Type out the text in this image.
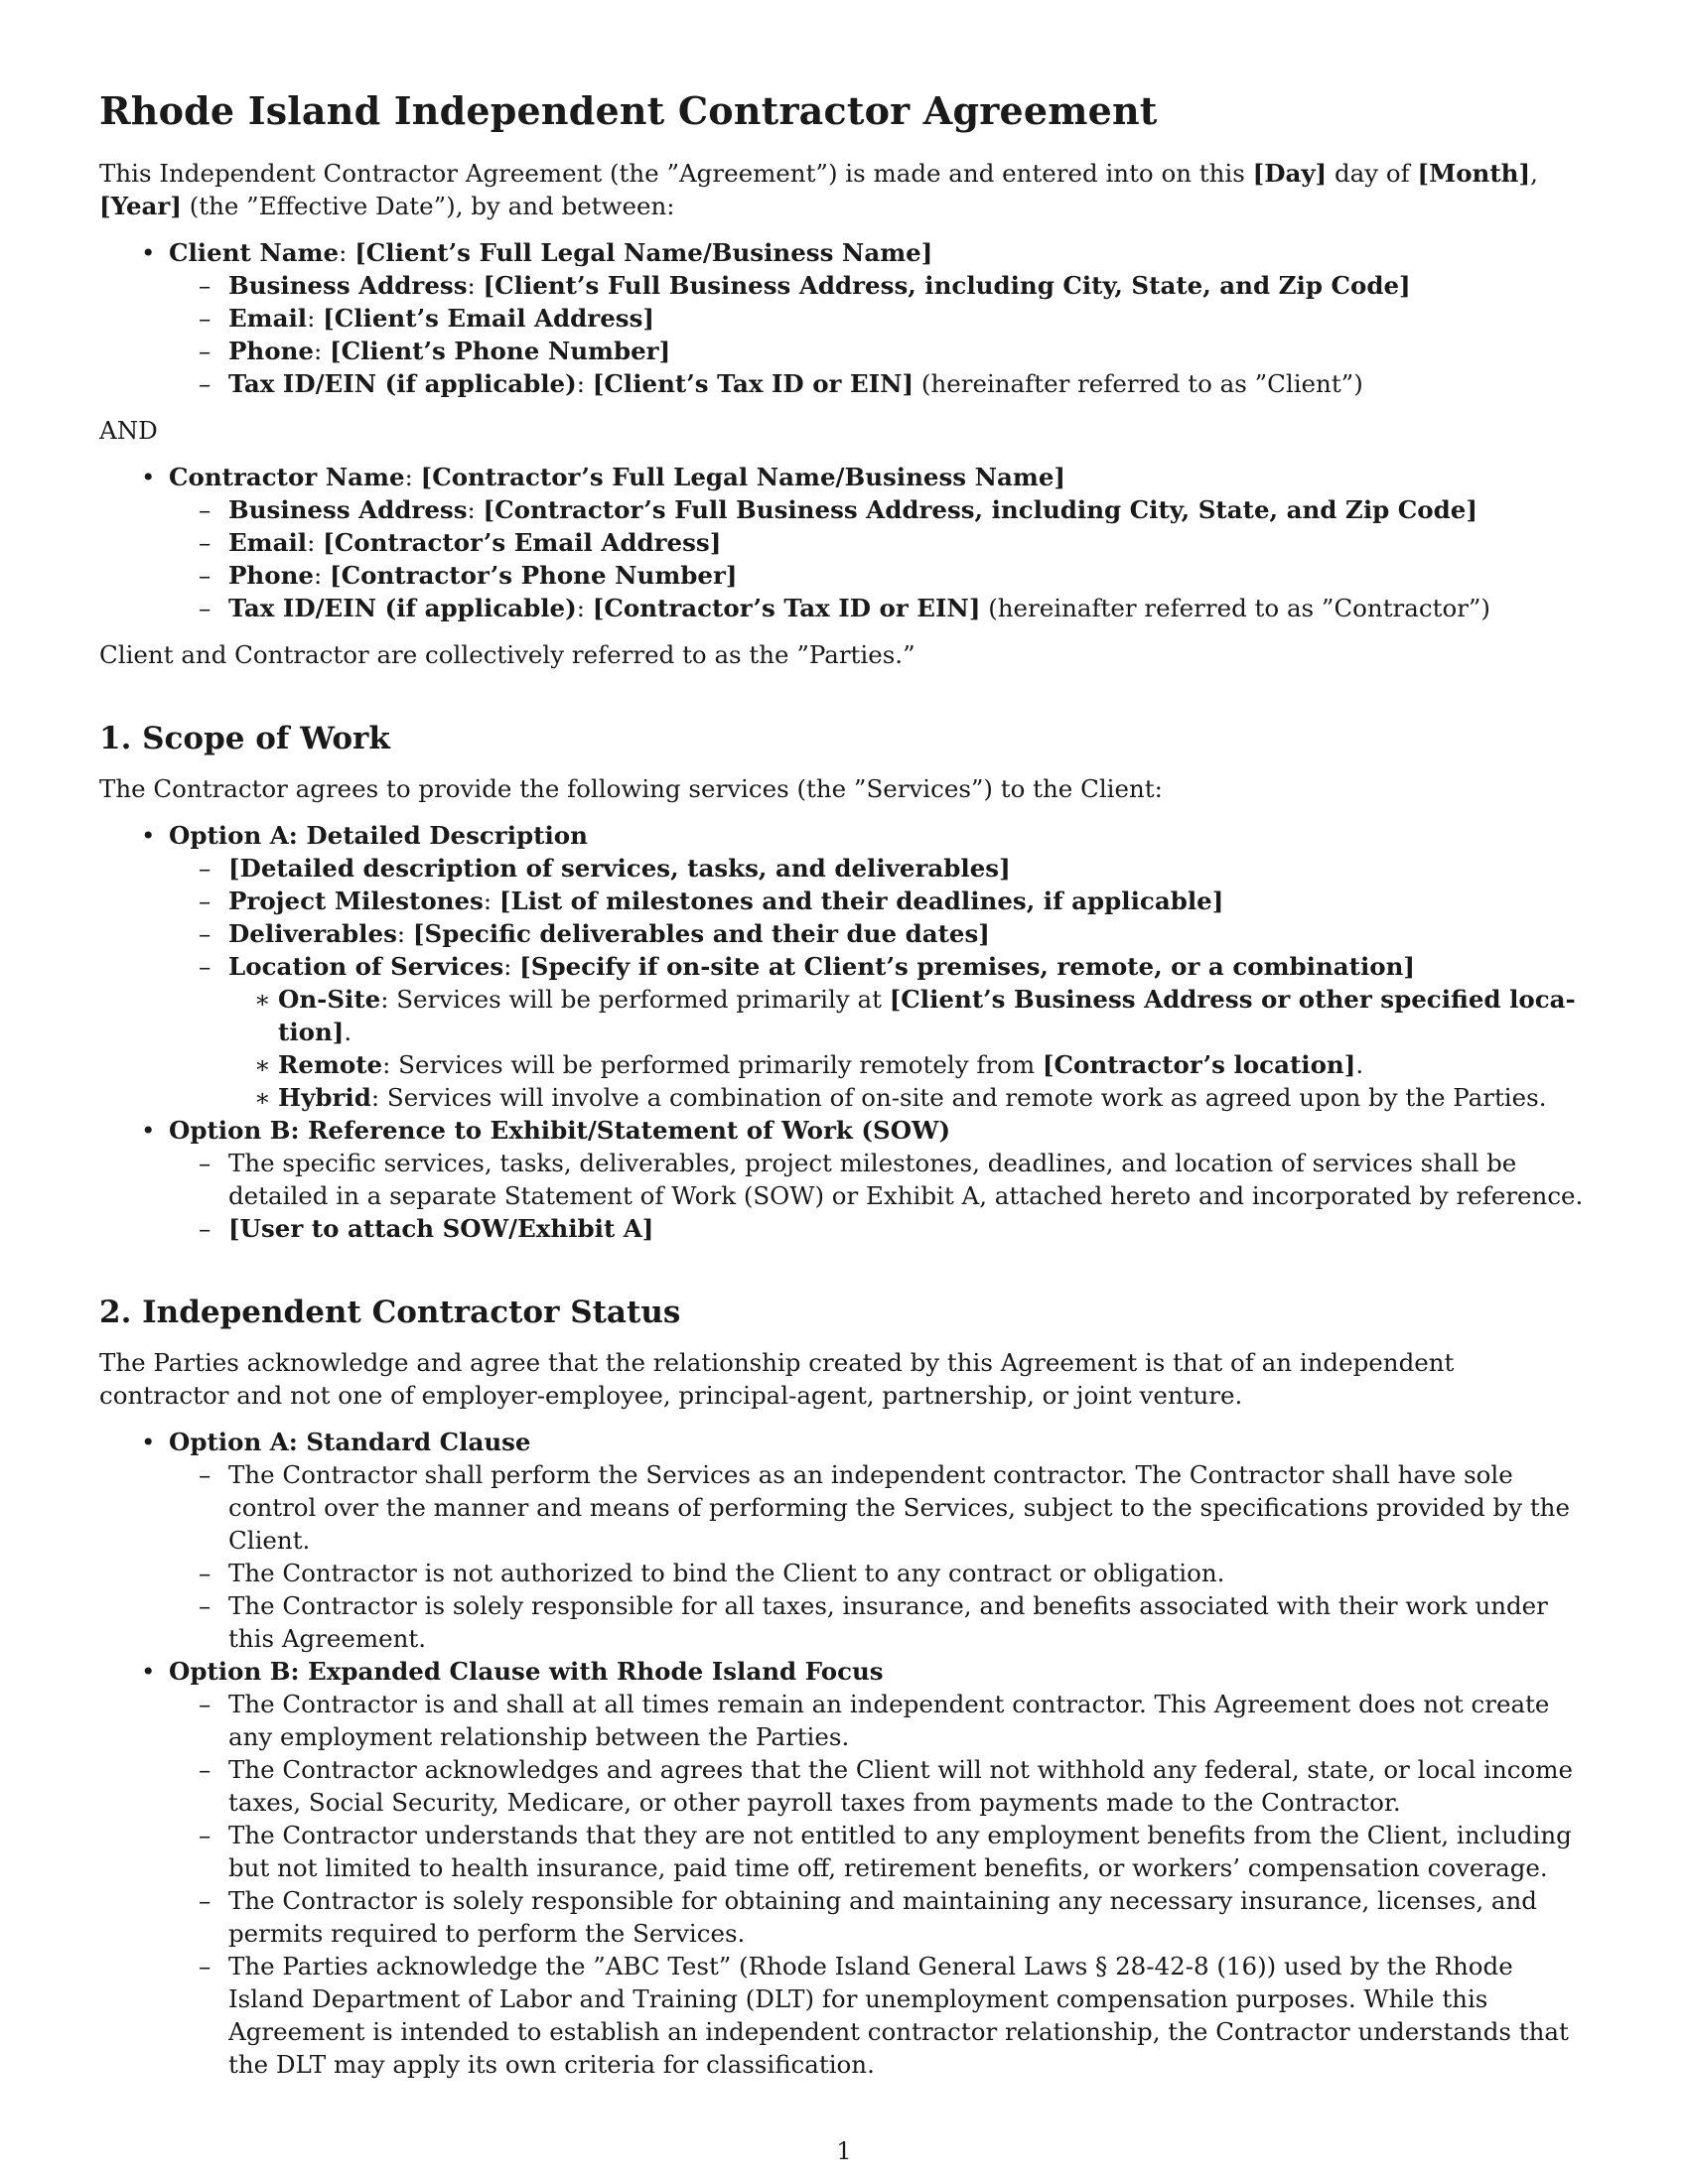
Rhode Island Independent Contractor Agreement

This Independent Contractor Agreement (the ”Agreement”) is made and entered into on this [Day] day of [Month], [Year] (the ”Effective Date”), by and between:

• Client Name: [Client’s Full Legal Name/Business Name]
– Business Address: [Client’s Full Business Address, including City, State, and Zip Code]
– Email: [Client’s Email Address]
– Phone: [Client’s Phone Number]
– Tax ID/EIN (if applicable): [Client’s Tax ID or EIN] (hereinafter referred to as ”Client”)
AND
• Contractor Name: [Contractor’s Full Legal Name/Business Name]
– Business Address: [Contractor’s Full Business Address, including City, State, and Zip Code]
– Email: [Contractor’s Email Address]
– Phone: [Contractor’s Phone Number]
– Tax ID/EIN (if applicable): [Contractor’s Tax ID or EIN] (hereinafter referred to as ”Contractor”)

Client and Contractor are collectively referred to as the ”Parties.”

1. Scope of Work

The Contractor agrees to provide the following services (the ”Services”) to the Client:

• Option A: Detailed Description
– [Detailed description of services, tasks, and deliverables]
– Project Milestones: [List of milestones and their deadlines, if applicable]
– Deliverables: [Specific deliverables and their due dates]
– Location of Services: [Specify if on-site at Client’s premises, remote, or a combination]
∗ On-Site: Services will be performed primarily at [Client’s Business Address or other specified loca-tion].
∗ Remote: Services will be performed primarily remotely from [Contractor’s location].
∗ Hybrid: Services will involve a combination of on-site and remote work as agreed upon by the Parties.
• Option B: Reference to Exhibit/Statement of Work (SOW)
– The specific services, tasks, deliverables, project milestones, deadlines, and location of services shall be detailed in a separate Statement of Work (SOW) or Exhibit A, attached hereto and incorporated by reference.
– [User to attach SOW/Exhibit A]
2. Independent Contractor Status

The Parties acknowledge and agree that the relationship created by this Agreement is that of an independent contractor and not one of employer-employee, principal-agent, partnership, or joint venture.

• Option A: Standard Clause
– The Contractor shall perform the Services as an independent contractor. The Contractor shall have sole control over the manner and means of performing the Services, subject to the specifications provided by the Client.
– The Contractor is not authorized to bind the Client to any contract or obligation.
– The Contractor is solely responsible for all taxes, insurance, and benefits associated with their work under this Agreement.
• Option B: Expanded Clause with Rhode Island Focus
– The Contractor is and shall at all times remain an independent contractor. This Agreement does not create any employment relationship between the Parties.
– The Contractor acknowledges and agrees that the Client will not withhold any federal, state, or local income taxes, Social Security, Medicare, or other payroll taxes from payments made to the Contractor.
– The Contractor understands that they are not entitled to any employment benefits from the Client, including but not limited to health insurance, paid time off, retirement benefits, or workers’ compensation coverage.
– The Contractor is solely responsible for obtaining and maintaining any necessary insurance, licenses, and permits required to perform the Services.
– The Parties acknowledge the ”ABC Test” (Rhode Island General Laws § 28-42-8 (16)) used by the Rhode Island Department of Labor and Training (DLT) for unemployment compensation purposes. While this Agreement is intended to establish an independent contractor relationship, the Contractor understands that the DLT may apply its own criteria for classification.
1
